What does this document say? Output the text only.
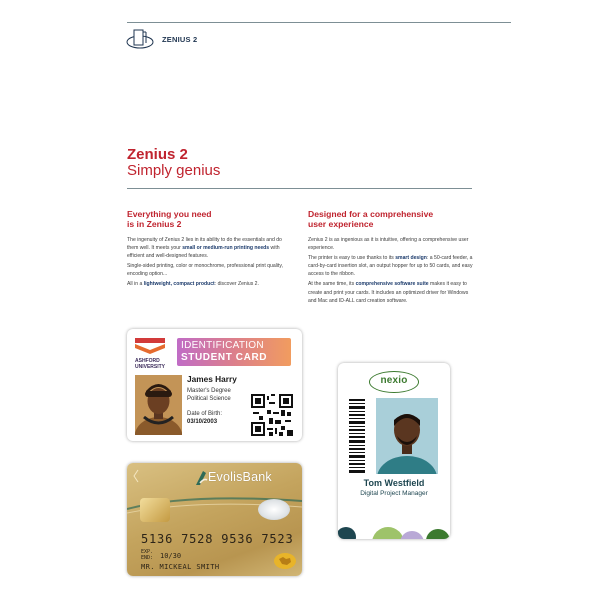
ZENIUS 2
Zenius 2
Simply genius
Everything you need
is in Zenius 2

The ingenuity of Zenius 2 lies in its ability to do the essentials and do them well. It meets your small or medium-run printing needs with efficient and well-designed features.

Single-sided printing, color or monochrome, professional print quality, encoding option...

All in a lightweight, compact product: discover Zenius 2.

Designed for a comprehensive
user experience

Zenius 2 is as ingenious as it is intuitive, offering a comprehensive user experience.

The printer is easy to use thanks to its smart design: a 50-card feeder, a card-by-card insertion slot, an output hopper for up to 50 cards, and easy access to the ribbon.

At the same time, its comprehensive software suite makes it easy to create and print your cards. It includes an optimized driver for Windows and Mac and ID-ALL card creation software.

ASHFORD
UNIVERSITY
IDENTIFICATION
STUDENT CARD
James Harry
Master's Degree
Political Science
Date of Birth:
03/10/2003
EvolisBank
5136 7528 9536 7523
EXP.
END: 10/30
MR. MICKEAL SMITH
nexio
Tom Westfield
Digital Project Manager
